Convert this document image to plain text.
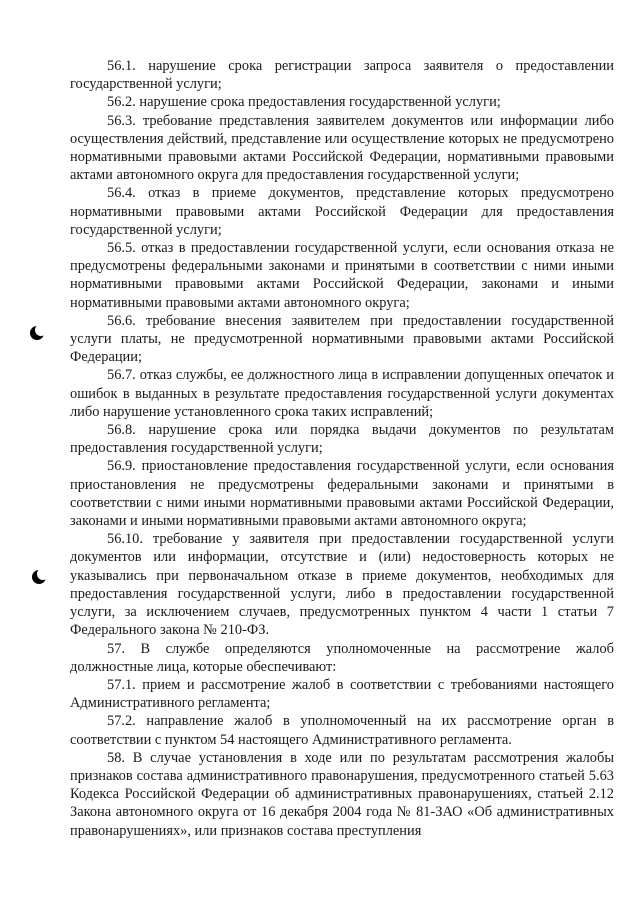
56.1. нарушение срока регистрации запроса заявителя о предоставлении государственной услуги;

56.2. нарушение срока предоставления государственной услуги;

56.3. требование представления заявителем документов или информации либо осуществления действий, представление или осуществление которых не предусмотрено нормативными правовыми актами Российской Федерации, нормативными правовыми актами автономного округа для предоставления государственной услуги;

56.4. отказ в приеме документов, представление которых предусмотрено нормативными правовыми актами Российской Федерации для предоставления государственной услуги;

56.5. отказ в предоставлении государственной услуги, если основания отказа не предусмотрены федеральными законами и принятыми в соответствии с ними иными нормативными правовыми актами Российской Федерации, законами и иными нормативными правовыми актами автономного округа;

56.6. требование внесения заявителем при предоставлении государственной услуги платы, не предусмотренной нормативными правовыми актами Российской Федерации;

56.7. отказ службы, ее должностного лица в исправлении допущенных опечаток и ошибок в выданных в результате предоставления государственной услуги документах либо нарушение установленного срока таких исправлений;

56.8. нарушение срока или порядка выдачи документов по результатам предоставления государственной услуги;

56.9. приостановление предоставления государственной услуги, если основания приостановления не предусмотрены федеральными законами и принятыми в соответствии с ними иными нормативными правовыми актами Российской Федерации, законами и иными нормативными правовыми актами автономного округа;

56.10. требование у заявителя при предоставлении государственной услуги документов или информации, отсутствие и (или) недостоверность которых не указывались при первоначальном отказе в приеме документов, необходимых для предоставления государственной услуги, либо в предоставлении государственной услуги, за исключением случаев, предусмотренных пунктом 4 части 1 статьи 7 Федерального закона № 210-ФЗ.

57. В службе определяются уполномоченные на рассмотрение жалоб должностные лица, которые обеспечивают:

57.1. прием и рассмотрение жалоб в соответствии с требованиями настоящего Административного регламента;

57.2. направление жалоб в уполномоченный на их рассмотрение орган в соответствии с пунктом 54 настоящего Административного регламента.

58. В случае установления в ходе или по результатам рассмотрения жалобы признаков состава административного правонарушения, предусмотренного статьей 5.63 Кодекса Российской Федерации об административных правонарушениях, статьей 2.12 Закона автономного округа от 16 декабря 2004 года № 81-ЗАО «Об административных правонарушениях», или признаков состава преступления
